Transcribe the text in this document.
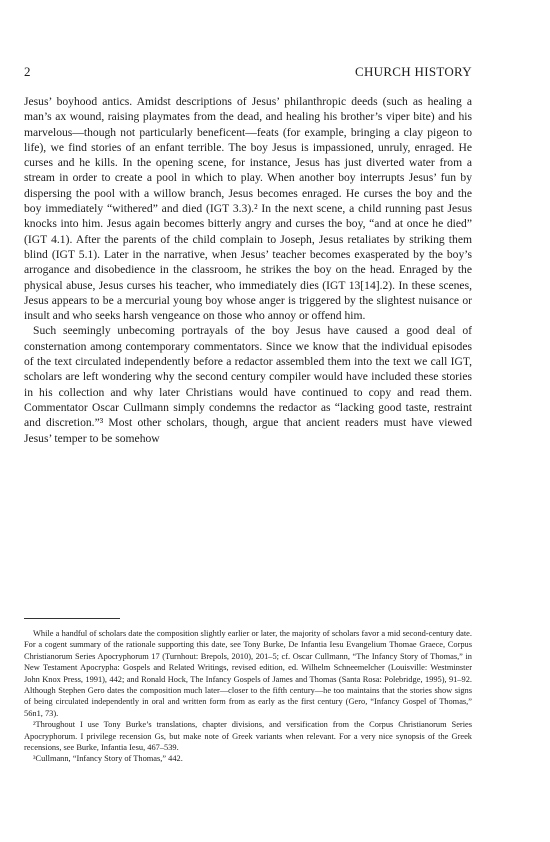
2	CHURCH HISTORY

Jesus’ boyhood antics. Amidst descriptions of Jesus’ philanthropic deeds (such as healing a man’s ax wound, raising playmates from the dead, and healing his brother’s viper bite) and his marvelous—though not particularly beneficent—feats (for example, bringing a clay pigeon to life), we find stories of an enfant terrible. The boy Jesus is impassioned, unruly, enraged. He curses and he kills. In the opening scene, for instance, Jesus has just diverted water from a stream in order to create a pool in which to play. When another boy interrupts Jesus’ fun by dispersing the pool with a willow branch, Jesus becomes enraged. He curses the boy and the boy immediately “withered” and died (IGT 3.3).² In the next scene, a child running past Jesus knocks into him. Jesus again becomes bitterly angry and curses the boy, “and at once he died” (IGT 4.1). After the parents of the child complain to Joseph, Jesus retaliates by striking them blind (IGT 5.1). Later in the narrative, when Jesus’ teacher becomes exasperated by the boy’s arrogance and disobedience in the classroom, he strikes the boy on the head. Enraged by the physical abuse, Jesus curses his teacher, who immediately dies (IGT 13[14].2). In these scenes, Jesus appears to be a mercurial young boy whose anger is triggered by the slightest nuisance or insult and who seeks harsh vengeance on those who annoy or offend him.

Such seemingly unbecoming portrayals of the boy Jesus have caused a good deal of consternation among contemporary commentators. Since we know that the individual episodes of the text circulated independently before a redactor assembled them into the text we call IGT, scholars are left wondering why the second century compiler would have included these stories in his collection and why later Christians would have continued to copy and read them. Commentator Oscar Cullmann simply condemns the redactor as “lacking good taste, restraint and discretion.”³ Most other scholars, though, argue that ancient readers must have viewed Jesus’ temper to be somehow

While a handful of scholars date the composition slightly earlier or later, the majority of scholars favor a mid second-century date. For a cogent summary of the rationale supporting this date, see Tony Burke, De Infantia Iesu Evangelium Thomae Graece, Corpus Christianorum Series Apocryphorum 17 (Turnhout: Brepols, 2010), 201–5; cf. Oscar Cullmann, “The Infancy Story of Thomas,” in New Testament Apocrypha: Gospels and Related Writings, revised edition, ed. Wilhelm Schneemelcher (Louisville: Westminster John Knox Press, 1991), 442; and Ronald Hock, The Infancy Gospels of James and Thomas (Santa Rosa: Polebridge, 1995), 91–92. Although Stephen Gero dates the composition much later—closer to the fifth century—he too maintains that the stories show signs of being circulated independently in oral and written form from as early as the first century (Gero, “Infancy Gospel of Thomas,” 56n1, 73).

²Throughout I use Tony Burke’s translations, chapter divisions, and versification from the Corpus Christianorum Series Apocryphorum. I privilege recension Gs, but make note of Greek variants when relevant. For a very nice synopsis of the Greek recensions, see Burke, Infantia Iesu, 467–539.

³Cullmann, “Infancy Story of Thomas,” 442.
